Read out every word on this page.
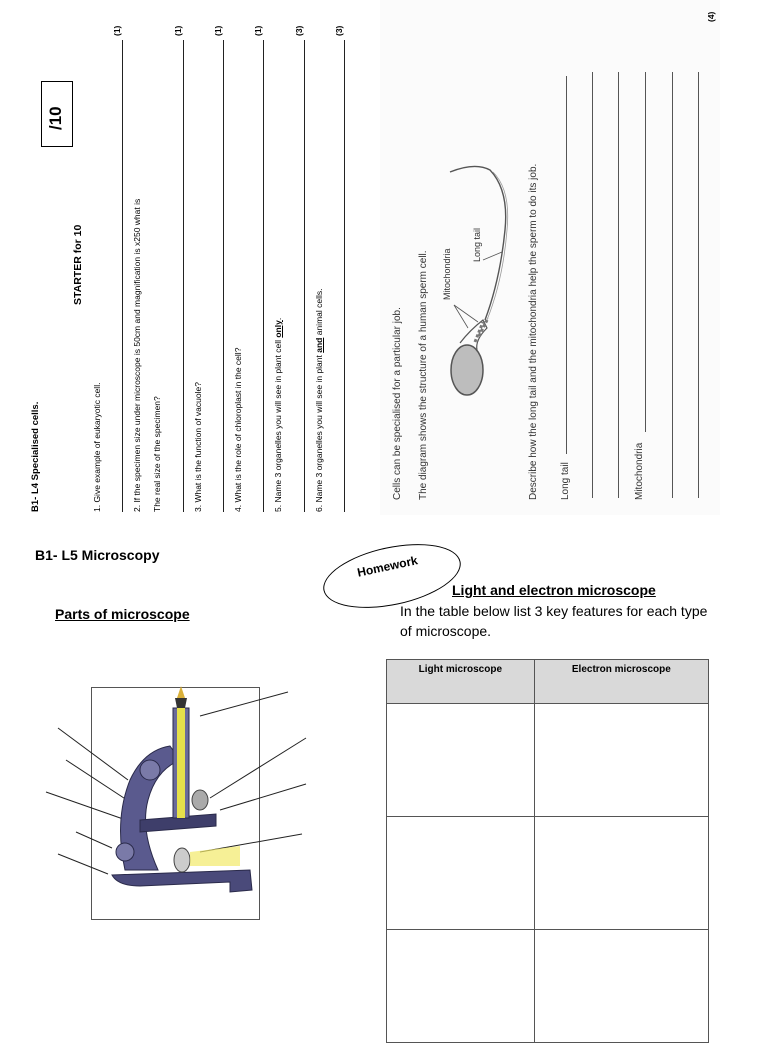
B1- L4 Specialised cells.
STARTER for 10
/10
1. Give example of eukaryotic cell.
(1)
2. If the specimen size under microscope is 50cm and magnification is x250 what is The real size of the specimen?
(1)
3. What is the function of vacuole?
(1)
4. What is the role of chloroplast in the cell?
(1)
5. Name 3 organelles you will see in plant cell only.
(3)
6. Name 3 organelles you will see in plant and animal cells.
(3)
Cells can be specialised for a particular job. The diagram shows the structure of a human sperm cell. Mitochondria
Long tail	Describe how the long tail and the mitochondria help the sperm to do its job. Long tail	Mitochondria
(4)
B1- L5 Microscopy
Parts of microscope
Homework
Light and electron microscope
In the table below list 3 key features for each type of microscope.
Light microscope	Electron microscope
